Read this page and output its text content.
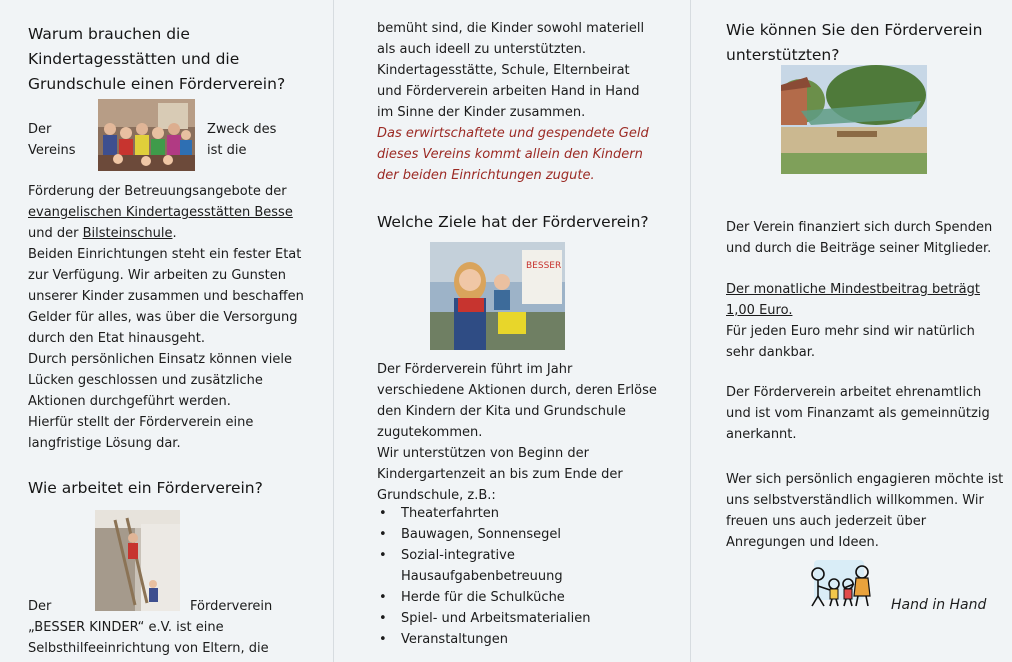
Warum brauchen die
Kindertagesstätten und die
Grundschule einen Förderverein?
Der
Vereins
Zweck des
ist die
Förderung der Betreuungsangebote der
evangelischen Kindertagesstätten Besse
und der Bilsteinschule.
Beiden Einrichtungen steht ein fester Etat
zur Verfügung. Wir arbeiten zu Gunsten
unserer Kinder zusammen und beschaffen
Gelder für alles, was über die Versorgung
durch den Etat hinausgeht.
Durch persönlichen Einsatz können viele
Lücken geschlossen und zusätzliche
Aktionen durchgeführt werden.
Hierfür stellt der Förderverein eine
langfristige Lösung dar.
Wie arbeitet ein Förderverein?
Der	Förderverein
„BESSER KINDER“ e.V. ist eine
Selbsthilfeeinrichtung von Eltern, die
bemüht sind, die Kinder sowohl materiell
als auch ideell zu unterstützten.
Kindertagesstätte, Schule, Elternbeirat
und Förderverein arbeiten Hand in Hand
im Sinne der Kinder zusammen.
Das erwirtschaftete und gespendete Geld
dieses Vereins kommt allein den Kindern
der beiden Einrichtungen zugute.
Welche Ziele hat der Förderverein?
BESSER
Der Förderverein führt im Jahr
verschiedene Aktionen durch, deren Erlöse
den Kindern der Kita und Grundschule
zugutekommen.
Wir unterstützen von Beginn der
Kindergartenzeit an bis zum Ende der
Grundschule, z.B.:
• Theaterfahrten
• Bauwagen, Sonnensegel
• Sozial-integrative
Hausaufgabenbetreuung
• Herde für die Schulküche
• Spiel- und Arbeitsmaterialien
• Veranstaltungen
Wie können Sie den Förderverein
unterstützten?
Der Verein finanziert sich durch Spenden
und durch die Beiträge seiner Mitglieder.
Der monatliche Mindestbeitrag beträgt
1,00 Euro.
Für jeden Euro mehr sind wir natürlich
sehr dankbar.
Der Förderverein arbeitet ehrenamtlich
und ist vom Finanzamt als gemeinnützig
anerkannt.
Wer sich persönlich engagieren möchte ist
uns selbstverständlich willkommen. Wir
freuen uns auch jederzeit über
Anregungen und Ideen.
Hand in Hand
